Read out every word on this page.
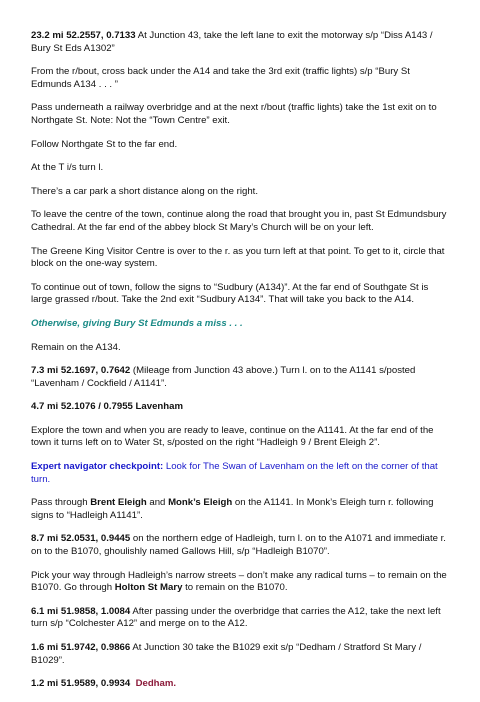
23.2 mi 52.2557, 0.7133 At Junction 43, take the left lane to exit the motorway s/p “Diss A143 / Bury St Eds A1302”

From the r/bout, cross back under the A14 and take the 3rd exit (traffic lights) s/p “Bury St Edmunds A134 . . . ”

Pass underneath a railway overbridge and at the next r/bout (traffic lights) take the 1st exit on to Northgate St. Note: Not the “Town Centre” exit.

Follow Northgate St to the far end.

At the T i/s turn l.

There’s a car park a short distance along on the right.

To leave the centre of the town, continue along the road that brought you in, past St Edmundsbury Cathedral. At the far end of the abbey block St Mary’s Church will be on your left.

The Greene King Visitor Centre is over to the r. as you turn left at that point. To get to it, circle that block on the one-way system.

To continue out of town, follow the signs to “Sudbury (A134)”. At the far end of Southgate St is large grassed r/bout. Take the 2nd exit “Sudbury A134”. That will take you back to the A14.

Otherwise, giving Bury St Edmunds a miss . . .

Remain on the A134.

7.3 mi 52.1697, 0.7642 (Mileage from Junction 43 above.) Turn l. on to the A1141 s/posted “Lavenham / Cockfield / A1141”.

4.7 mi 52.1076 / 0.7955 Lavenham

Explore the town and when you are ready to leave, continue on the A1141. At the far end of the town it turns left on to Water St, s/posted on the right “Hadleigh 9 / Brent Eleigh 2”.

Expert navigator checkpoint: Look for The Swan of Lavenham on the left on the corner of that turn.

Pass through Brent Eleigh and Monk’s Eleigh on the A1141. In Monk’s Eleigh turn r. following signs to “Hadleigh A1141”.

8.7 mi 52.0531, 0.9445 on the northern edge of Hadleigh, turn l. on to the A1071 and immediate r. on to the B1070, ghoulishly named Gallows Hill, s/p “Hadleigh B1070”.

Pick your way through Hadleigh’s narrow streets – don’t make any radical turns – to remain on the B1070. Go through Holton St Mary to remain on the B1070.

6.1 mi 51.9858, 1.0084 After passing under the overbridge that carries the A12, take the next left turn s/p “Colchester A12” and merge on to the A12.

1.6 mi 51.9742, 0.9866 At Junction 30 take the B1029 exit s/p “Dedham / Stratford St Mary / B1029”.

1.2 mi 51.9589, 0.9934 Dedham.
